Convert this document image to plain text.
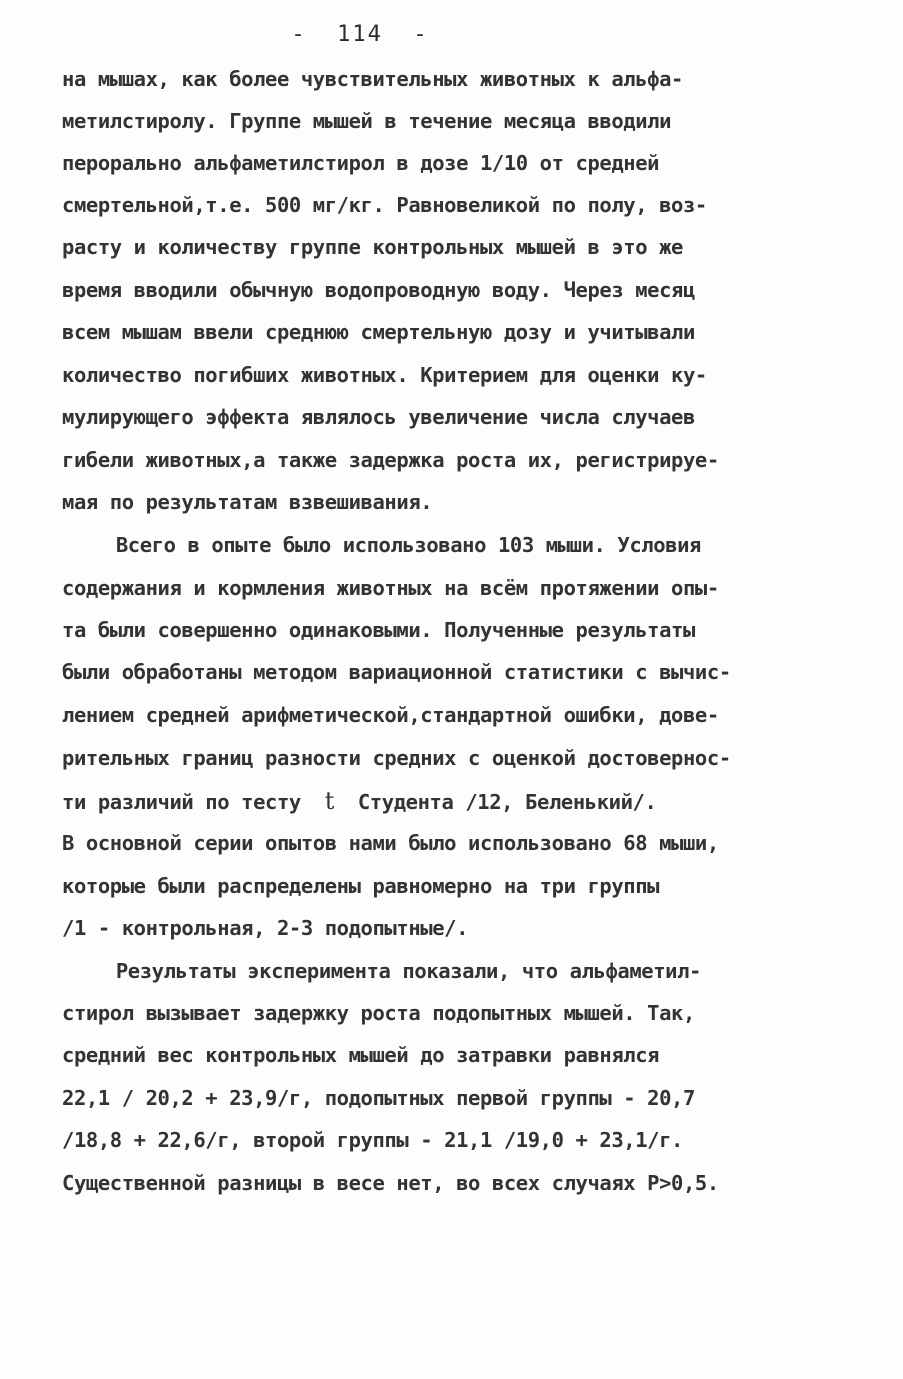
-  114  -
на мышах, как более чувствительных животных к альфа-
метилстиролу. Группе мышей в течение месяца вводили
перорально альфаметилстирол в дозе 1/10 от средней
смертельной,т.е. 500 мг/кг. Равновеликой по полу, воз-
расту и количеству группе контрольных мышей в это же
время вводили обычную водопроводную воду. Через месяц
всем мышам ввели среднюю смертельную дозу и учитывали
количество погибших животных. Критерием для оценки ку-
мулирующего эффекта являлось увеличение числа случаев
гибели животных,а также задержка роста их, регистрируе-
мая по результатам взвешивания.
Всего в опыте было использовано 103 мыши. Условия
содержания и кормления животных на всём протяжении опы-
та были совершенно одинаковыми. Полученные результаты
были обработаны методом вариационной статистики с вычис-
лением средней арифметической,стандартной ошибки, дове-
рительных границ разности средних с оценкой достовернос-
ти различий по тесту  t  Студента /12, Беленький/.
В основной серии опытов нами было использовано 68 мыши,
которые были распределены равномерно на три группы
/1 - контрольная, 2-3 подопытные/.
Результаты эксперимента показали, что альфаметил-
стирол вызывает задержку роста подопытных мышей. Так,
средний вес контрольных мышей до затравки равнялся
22,1 / 20,2 + 23,9/г, подопытных первой группы - 20,7
/18,8 + 22,6/г, второй группы - 21,1 /19,0 + 23,1/г.
Существенной разницы в весе нет, во всех случаях P>0,5.
